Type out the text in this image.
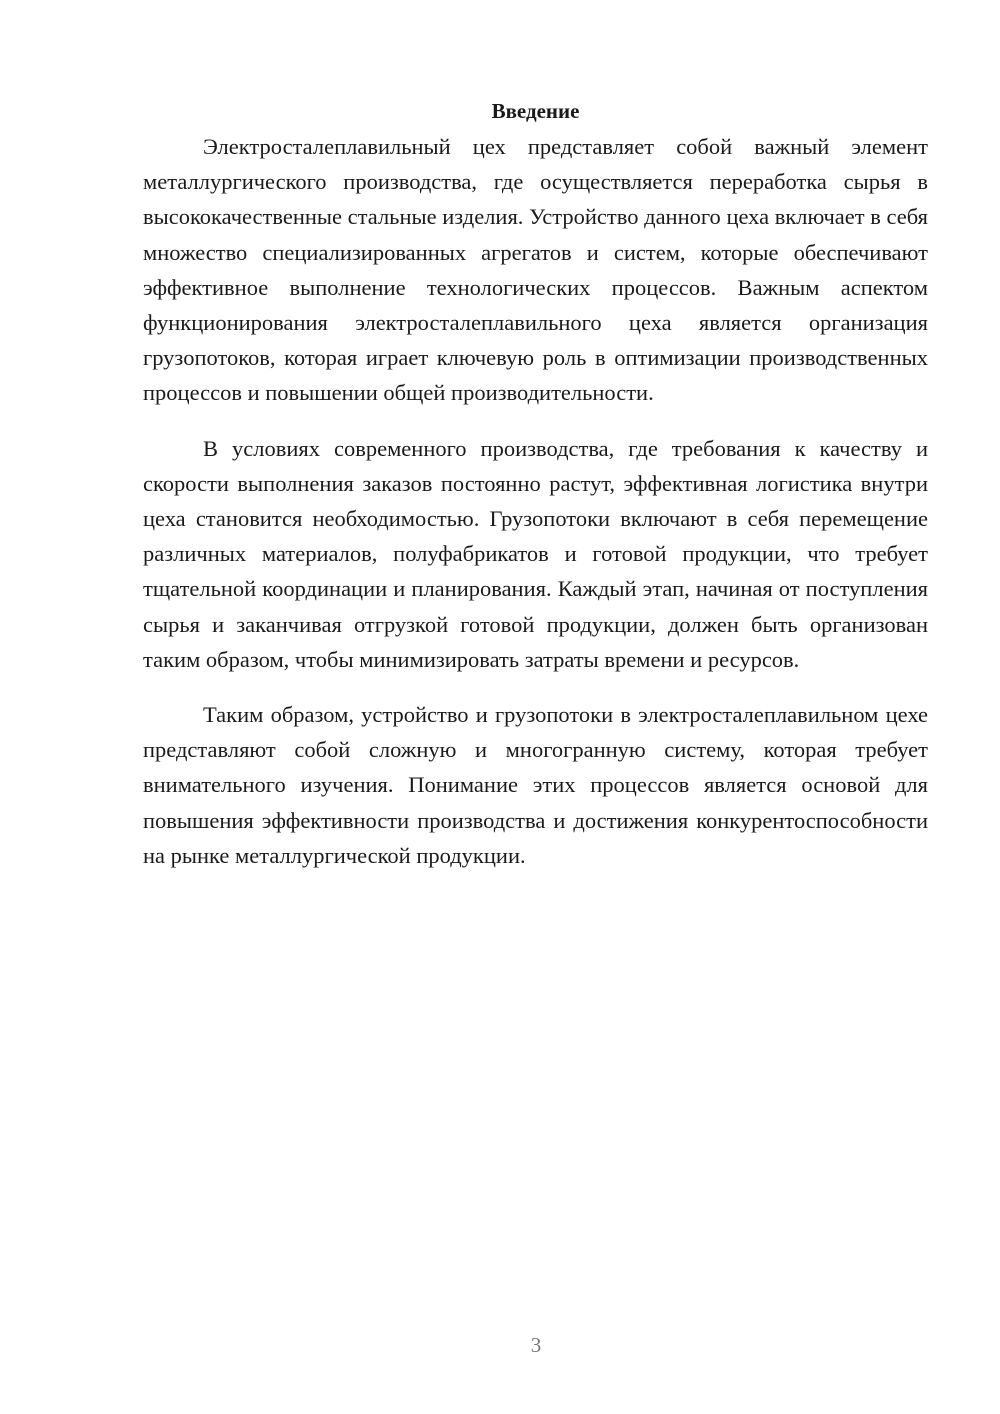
Введение

Электросталеплавильный цех представляет собой важный элемент металлургического производства, где осуществляется переработка сырья в высококачественные стальные изделия. Устройство данного цеха включает в себя множество специализированных агрегатов и систем, которые обеспечивают эффективное выполнение технологических процессов. Важным аспектом функционирования электросталеплавильного цеха является организация грузопотоков, которая играет ключевую роль в оптимизации производственных процессов и повышении общей производительности.

В условиях современного производства, где требования к качеству и скорости выполнения заказов постоянно растут, эффективная логистика внутри цеха становится необходимостью. Грузопотоки включают в себя перемещение различных материалов, полуфабрикатов и готовой продукции, что требует тщательной координации и планирования. Каждый этап, начиная от поступления сырья и заканчивая отгрузкой готовой продукции, должен быть организован таким образом, чтобы минимизировать затраты времени и ресурсов.

Таким образом, устройство и грузопотоки в электросталеплавильном цехе представляют собой сложную и многогранную систему, которая требует внимательного изучения. Понимание этих процессов является основой для повышения эффективности производства и достижения конкурентоспособности на рынке металлургической продукции.

3
